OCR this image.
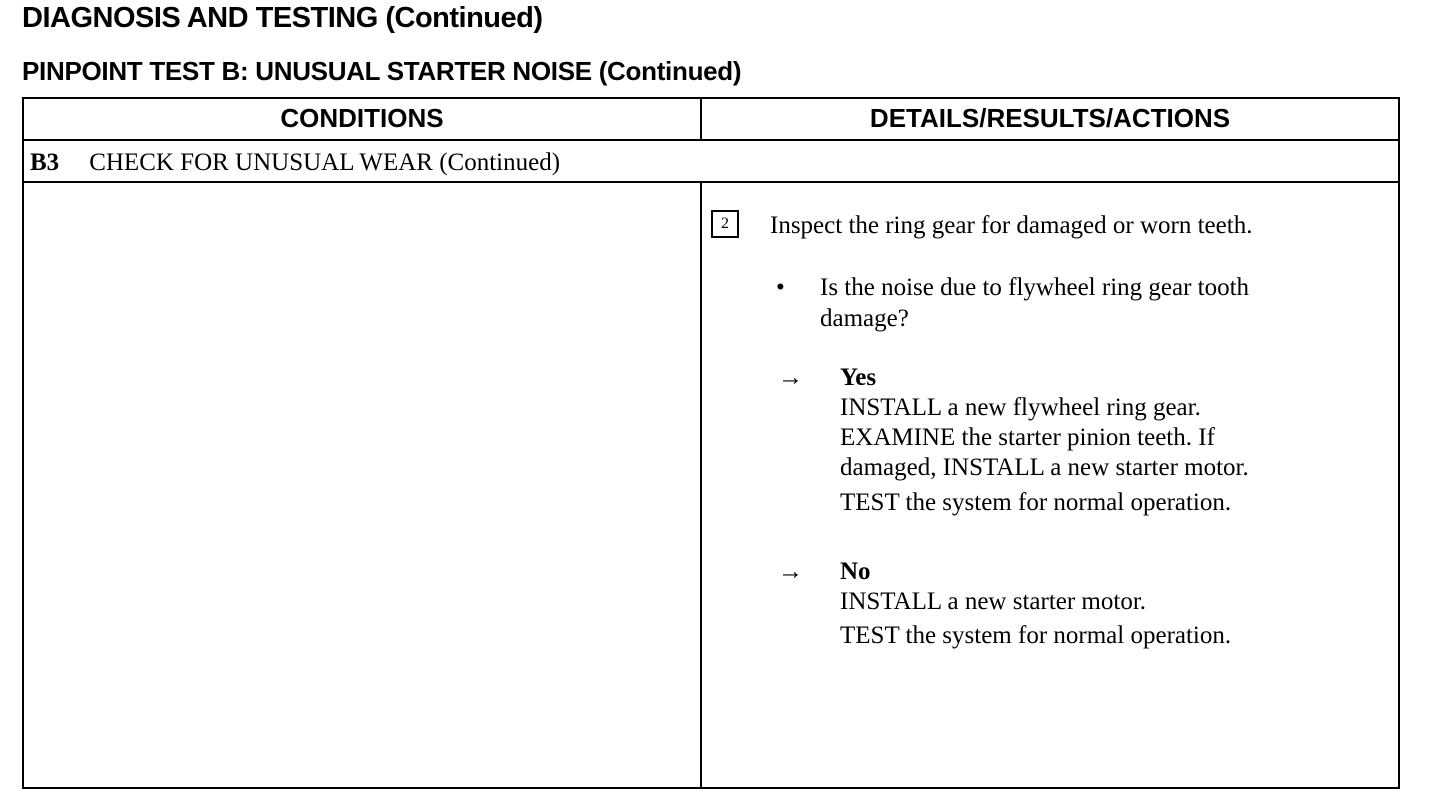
DIAGNOSIS AND TESTING (Continued)
PINPOINT TEST B: UNUSUAL STARTER NOISE (Continued)
CONDITIONS	DETAILS/RESULTS/ACTIONS
B3 CHECK FOR UNUSUAL WEAR (Continued)
2	Inspect the ring gear for damaged or worn teeth.
• Is the noise due to flywheel ring gear tooth
damage?
→ Yes
INSTALL a new flywheel ring gear.
EXAMINE the starter pinion teeth. If
damaged, INSTALL a new starter motor.
TEST the system for normal operation.
→ No
INSTALL a new starter motor.
TEST the system for normal operation.
